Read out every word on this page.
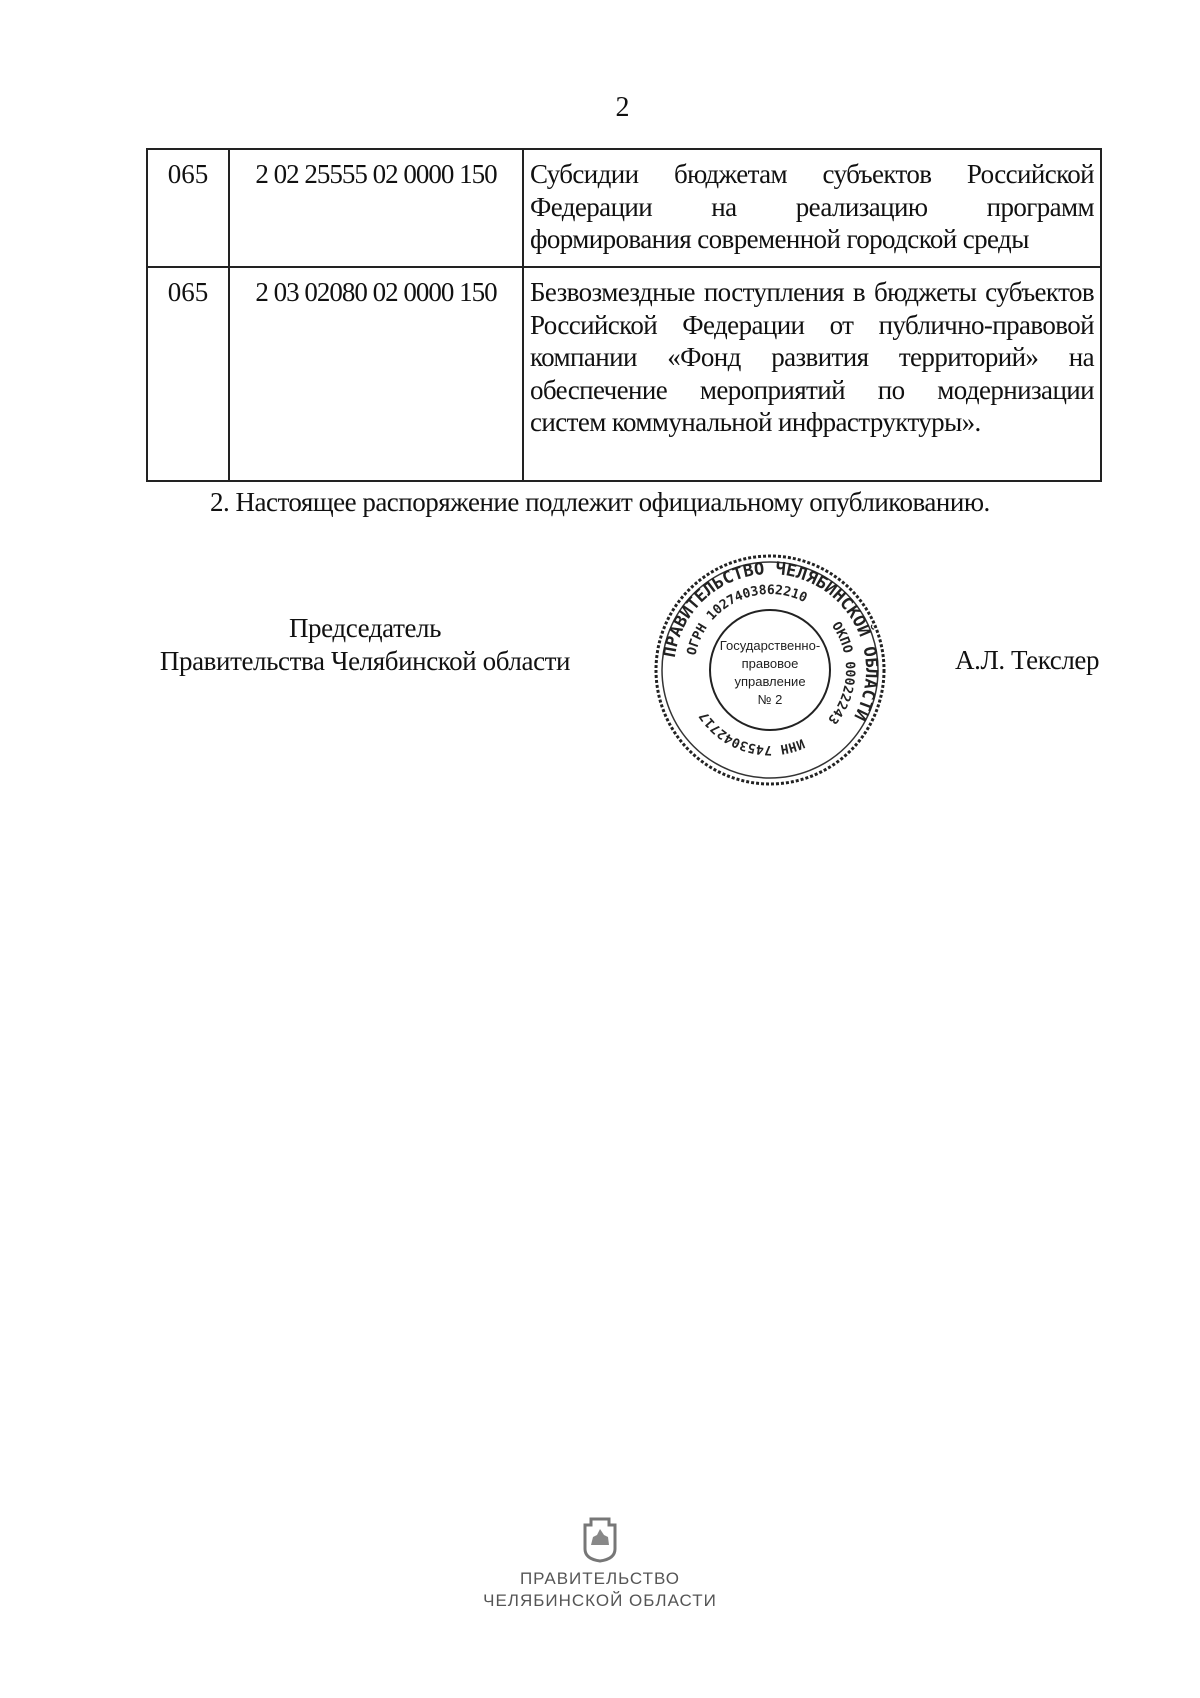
2
065	2 02 25555 02 0000 150	Субсидии бюджетам субъектов Российской Федерации на реализацию программ формирования современной городской среды
065	2 03 02080 02 0000 150	Безвозмездные поступления в бюджеты субъектов Российской Федерации от публично-правовой компании «Фонд развития территорий» на обеспечение мероприятий по модернизации систем коммунальной инфраструктуры».
2. Настоящее распоряжение подлежит официальному опубликованию.
Председатель
Правительства Челябинской области	А.Л. Текслер
ПРАВИТЕЛЬСТВО ЧЕЛЯБИНСКОЙ ОБЛАСТИ
ОГРН 1027403862210
ОКПО 00022243
ИНН 7453042717
Государственно-
правовое
управление
№ 2
ПРАВИТЕЛЬСТВО
ЧЕЛЯБИНСКОЙ ОБЛАСТИ
